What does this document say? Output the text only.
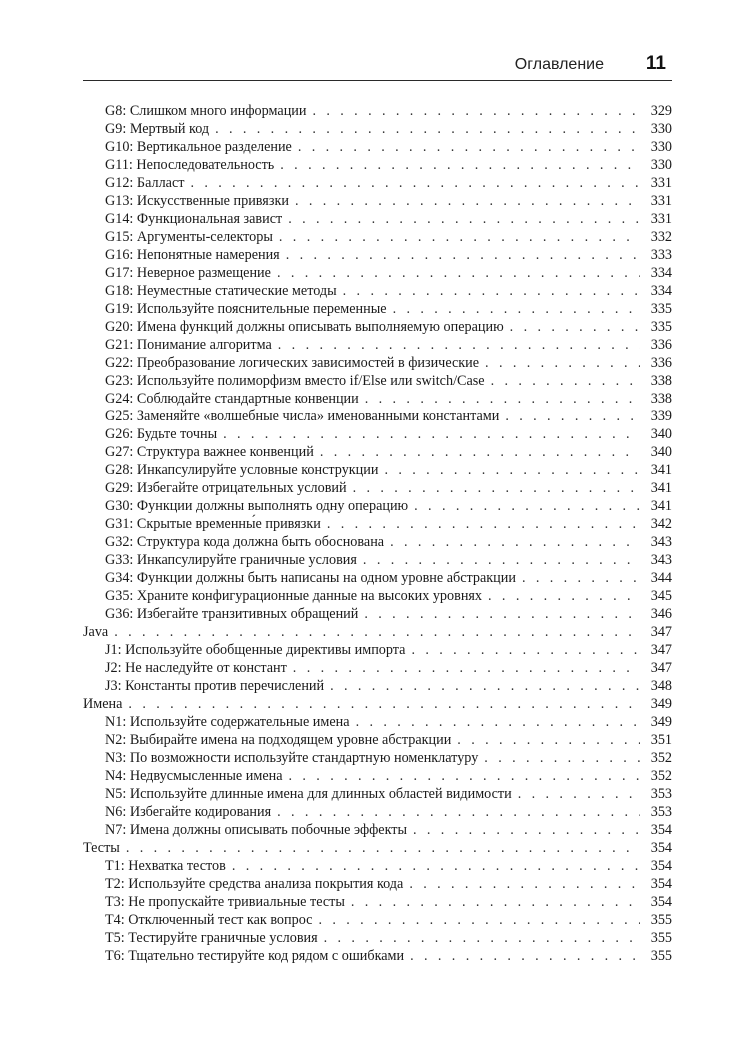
Оглавление 11
G8: Слишком много информации . . .	329
G9: Мертвый код . . .	330
G10: Вертикальное разделение . . .	330
G11: Непоследовательность . . .	330
G12: Балласт . . .	331
G13: Искусственные привязки . . .	331
G14: Функциональная завист . . .	331
G15: Аргументы-селекторы . . .	332
G16: Непонятные намерения . . .	333
G17: Неверное размещение . . .	334
G18: Неуместные статические методы . . .	334
G19: Используйте пояснительные переменные . . .	335
G20: Имена функций должны описывать выполняемую операцию . . .	335
G21: Понимание алгоритма . . .	336
G22: Преобразование логических зависимостей в физические . . .	336
G23: Используйте полиморфизм вместо if/Else или switch/Case . . .	338
G24: Соблюдайте стандартные конвенции . . .	338
G25: Заменяйте «волшебные числа» именованными константами . . .	339
G26: Будьте точны . . .	340
G27: Структура важнее конвенций . . .	340
G28: Инкапсулируйте условные конструкции . . .	341
G29: Избегайте отрицательных условий . . .	341
G30: Функции должны выполнять одну операцию . . .	341
G31: Скрытые временны́е привязки . . .	342
G32: Структура кода должна быть обоснована . . .	343
G33: Инкапсулируйте граничные условия . . .	343
G34: Функции должны быть написаны на одном уровне абстракции . . .	344
G35: Храните конфигурационные данные на высоких уровнях . . .	345
G36: Избегайте транзитивных обращений . . .	346
Java . . .	347
J1: Используйте обобщенные директивы импорта . . .	347
J2: Не наследуйте от констант . . .	347
J3: Константы против перечислений . . .	348
Имена . . .	349
N1: Используйте содержательные имена . . .	349
N2: Выбирайте имена на подходящем уровне абстракции . . .	351
N3: По возможности используйте стандартную номенклатуру . . .	352
N4: Недвусмысленные имена . . .	352
N5: Используйте длинные имена для длинных областей видимости . . .	353
N6: Избегайте кодирования . . .	353
N7: Имена должны описывать побочные эффекты . . .	354
Тесты . . .	354
T1: Нехватка тестов . . .	354
T2: Используйте средства анализа покрытия кода . . .	354
T3: Не пропускайте тривиальные тесты . . .	354
T4: Отключенный тест как вопрос . . .	355
T5: Тестируйте граничные условия . . .	355
T6: Тщательно тестируйте код рядом с ошибками . . .	355
